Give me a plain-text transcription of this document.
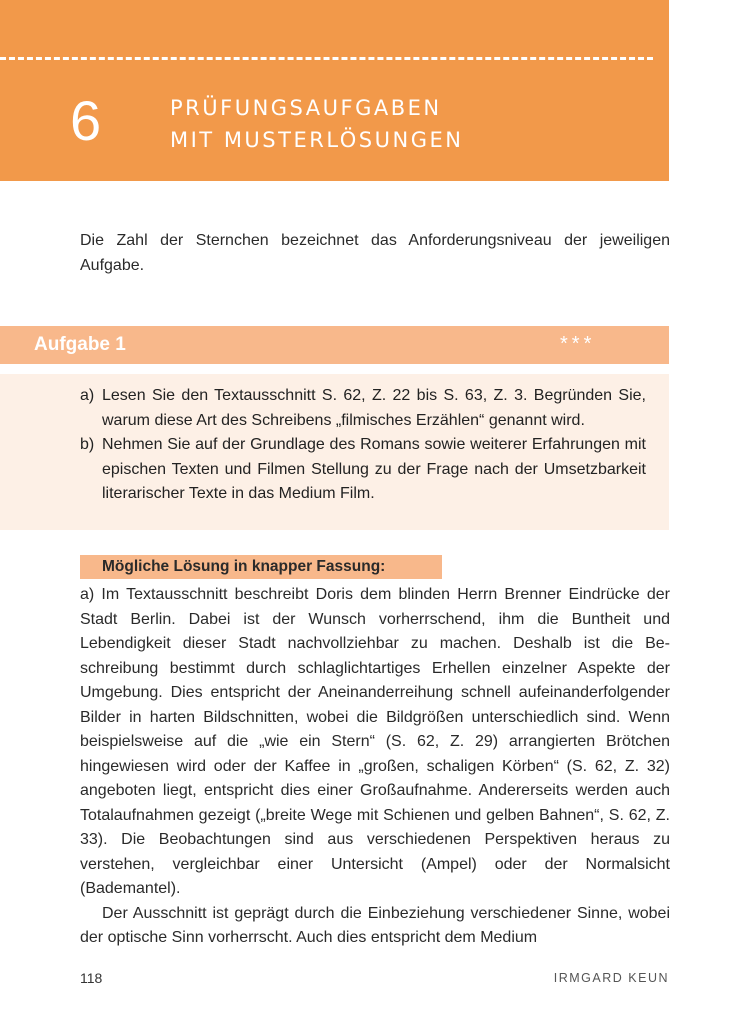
6	PRÜFUNGSAUFGABEN
MIT MUSTERLÖSUNGEN
Die Zahl der Sternchen bezeichnet das Anforderungsniveau der jeweiligen Aufgabe.
Aufgabe 1	***
a) Lesen Sie den Textausschnitt S. 62, Z. 22 bis S. 63, Z. 3. Begründen Sie, warum diese Art des Schreibens „filmisches Erzählen“ genannt wird.
b) Nehmen Sie auf der Grundlage des Romans sowie weiterer Erfahrungen mit epischen Texten und Filmen Stellung zu der Frage nach der Umsetzbarkeit literarischer Texte in das Medium Film.
Mögliche Lösung in knapper Fassung:

a) Im Textausschnitt beschreibt Doris dem blinden Herrn Brenner Eindrücke der Stadt Berlin. Dabei ist der Wunsch vorherrschend, ihm die Buntheit und Lebendigkeit dieser Stadt nachvollziehbar zu machen. Deshalb ist die Beschreibung bestimmt durch schlaglichtartiges Erhellen einzelner Aspekte der Umgebung. Dies entspricht der Aneinanderreihung schnell aufeinanderfolgender Bilder in harten Bildschnitten, wobei die Bildgrößen unterschiedlich sind. Wenn beispielsweise auf die „wie ein Stern“ (S. 62, Z. 29) arrangierten Brötchen hingewiesen wird oder der Kaffee in „großen, schaligen Körben“ (S. 62, Z. 32) angeboten liegt, entspricht dies einer Großaufnahme. Andererseits werden auch Totalaufnahmen gezeigt („breite Wege mit Schienen und gelben Bahnen“, S. 62, Z. 33). Die Beobachtungen sind aus verschiedenen Perspektiven heraus zu verstehen, vergleichbar einer Untersicht (Ampel) oder der Normalsicht (Bademantel).

Der Ausschnitt ist geprägt durch die Einbeziehung verschiedener Sinne, wobei der optische Sinn vorherrscht. Auch dies entspricht dem Medium

118	IRMGARD KEUN
